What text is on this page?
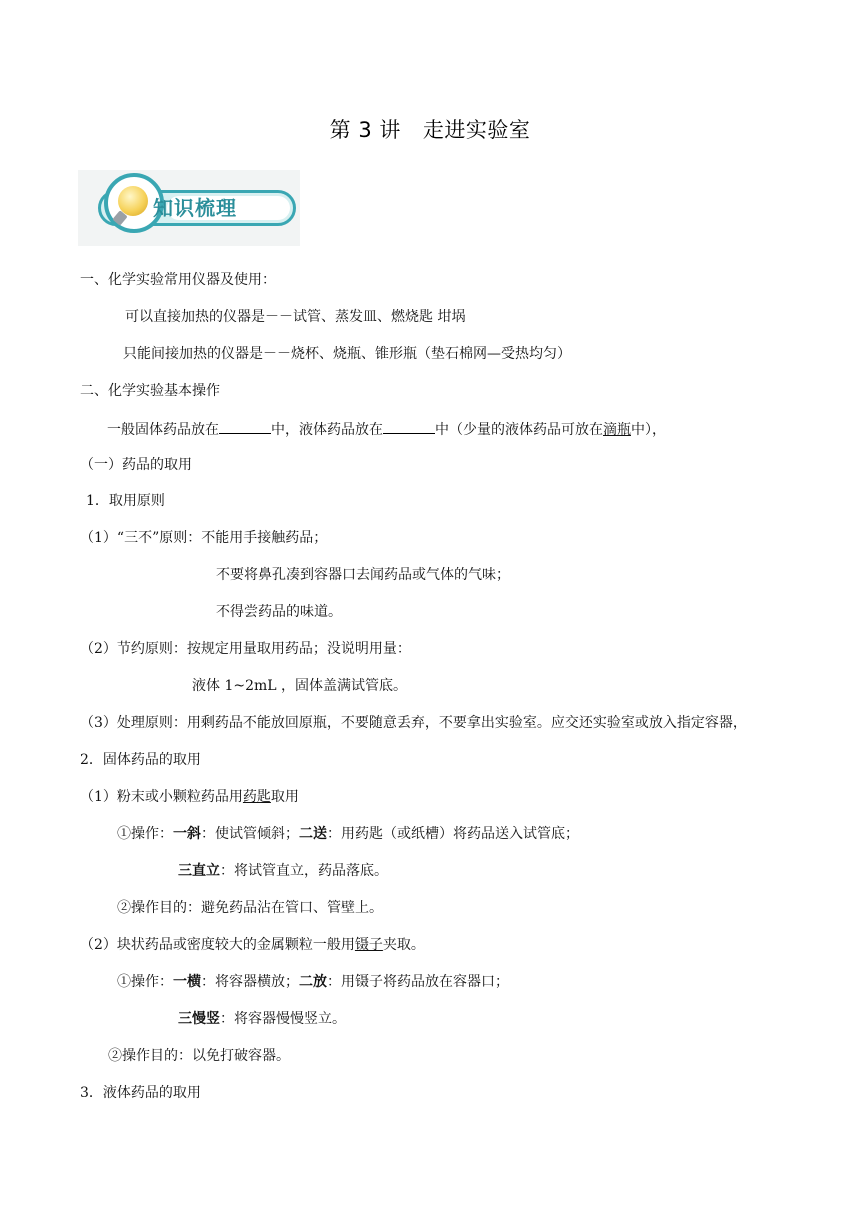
第 3 讲 走进实验室
知识梳理
一、化学实验常用仪器及使用：
可以直接加热的仪器是－－试管、蒸发皿、燃烧匙 坩埚
只能间接加热的仪器是－－烧杯、烧瓶、锥形瓶（垫石棉网—受热均匀）
二、化学实验基本操作
一般固体药品放在	中，液体药品放在	中（少量的液体药品可放在滴瓶中），
（一）药品的取用
1．取用原则
（1）“三不”原则：不能用手接触药品；
不要将鼻孔凑到容器口去闻药品或气体的气味；
不得尝药品的味道。
（2）节约原则：按规定用量取用药品；没说明用量：
液体 1~2mL ，固体盖满试管底。
（3）处理原则：用剩药品不能放回原瓶，不要随意丢弃，不要拿出实验室。应交还实验室或放入指定容器，
2．固体药品的取用
（1）粉末或小颗粒药品用药匙取用
①操作：一斜：使试管倾斜；二送：用药匙（或纸槽）将药品送入试管底；
三直立：将试管直立，药品落底。
②操作目的：避免药品沾在管口、管壁上。
（2）块状药品或密度较大的金属颗粒一般用镊子夹取。
①操作：一横：将容器横放；二放：用镊子将药品放在容器口；
三慢竖：将容器慢慢竖立。
②操作目的：以免打破容器。
3．液体药品的取用
